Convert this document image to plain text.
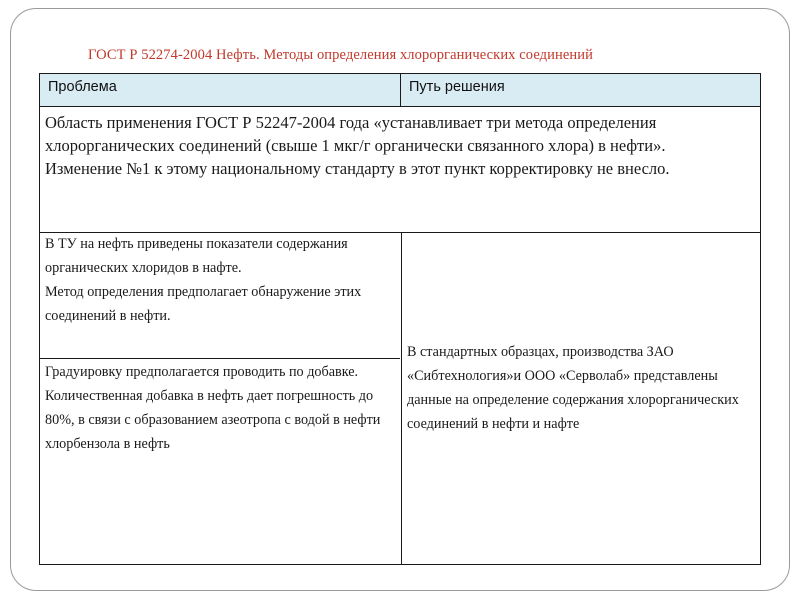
ГОСТ Р 52274-2004 Нефть. Методы определения хлорорганических соединений
Проблема	Путь решения

Область применения ГОСТ Р 52247-2004 года «устанавливает три метода определения хлорорганических соединений (свыше 1 мкг/г органически связанного хлора) в нефти».

Изменение №1 к этому национальному стандарту в этот пункт корректировку не внесло.

В ТУ на нефть приведены показатели содержания органических хлоридов в нафте.

Метод определения предполагает обнаружение этих соединений в нефти.

Градуировку предполагается проводить по добавке.

Количественная добавка в нефть дает погрешность до 80%, в связи с образованием азеотропа с водой в нефти хлорбензола в нефть

В стандартных образцах, производства ЗАО «Сибтехнология»и ООО «Серволаб» представлены данные на определение содержания хлорорганических соединений в нефти и нафте
